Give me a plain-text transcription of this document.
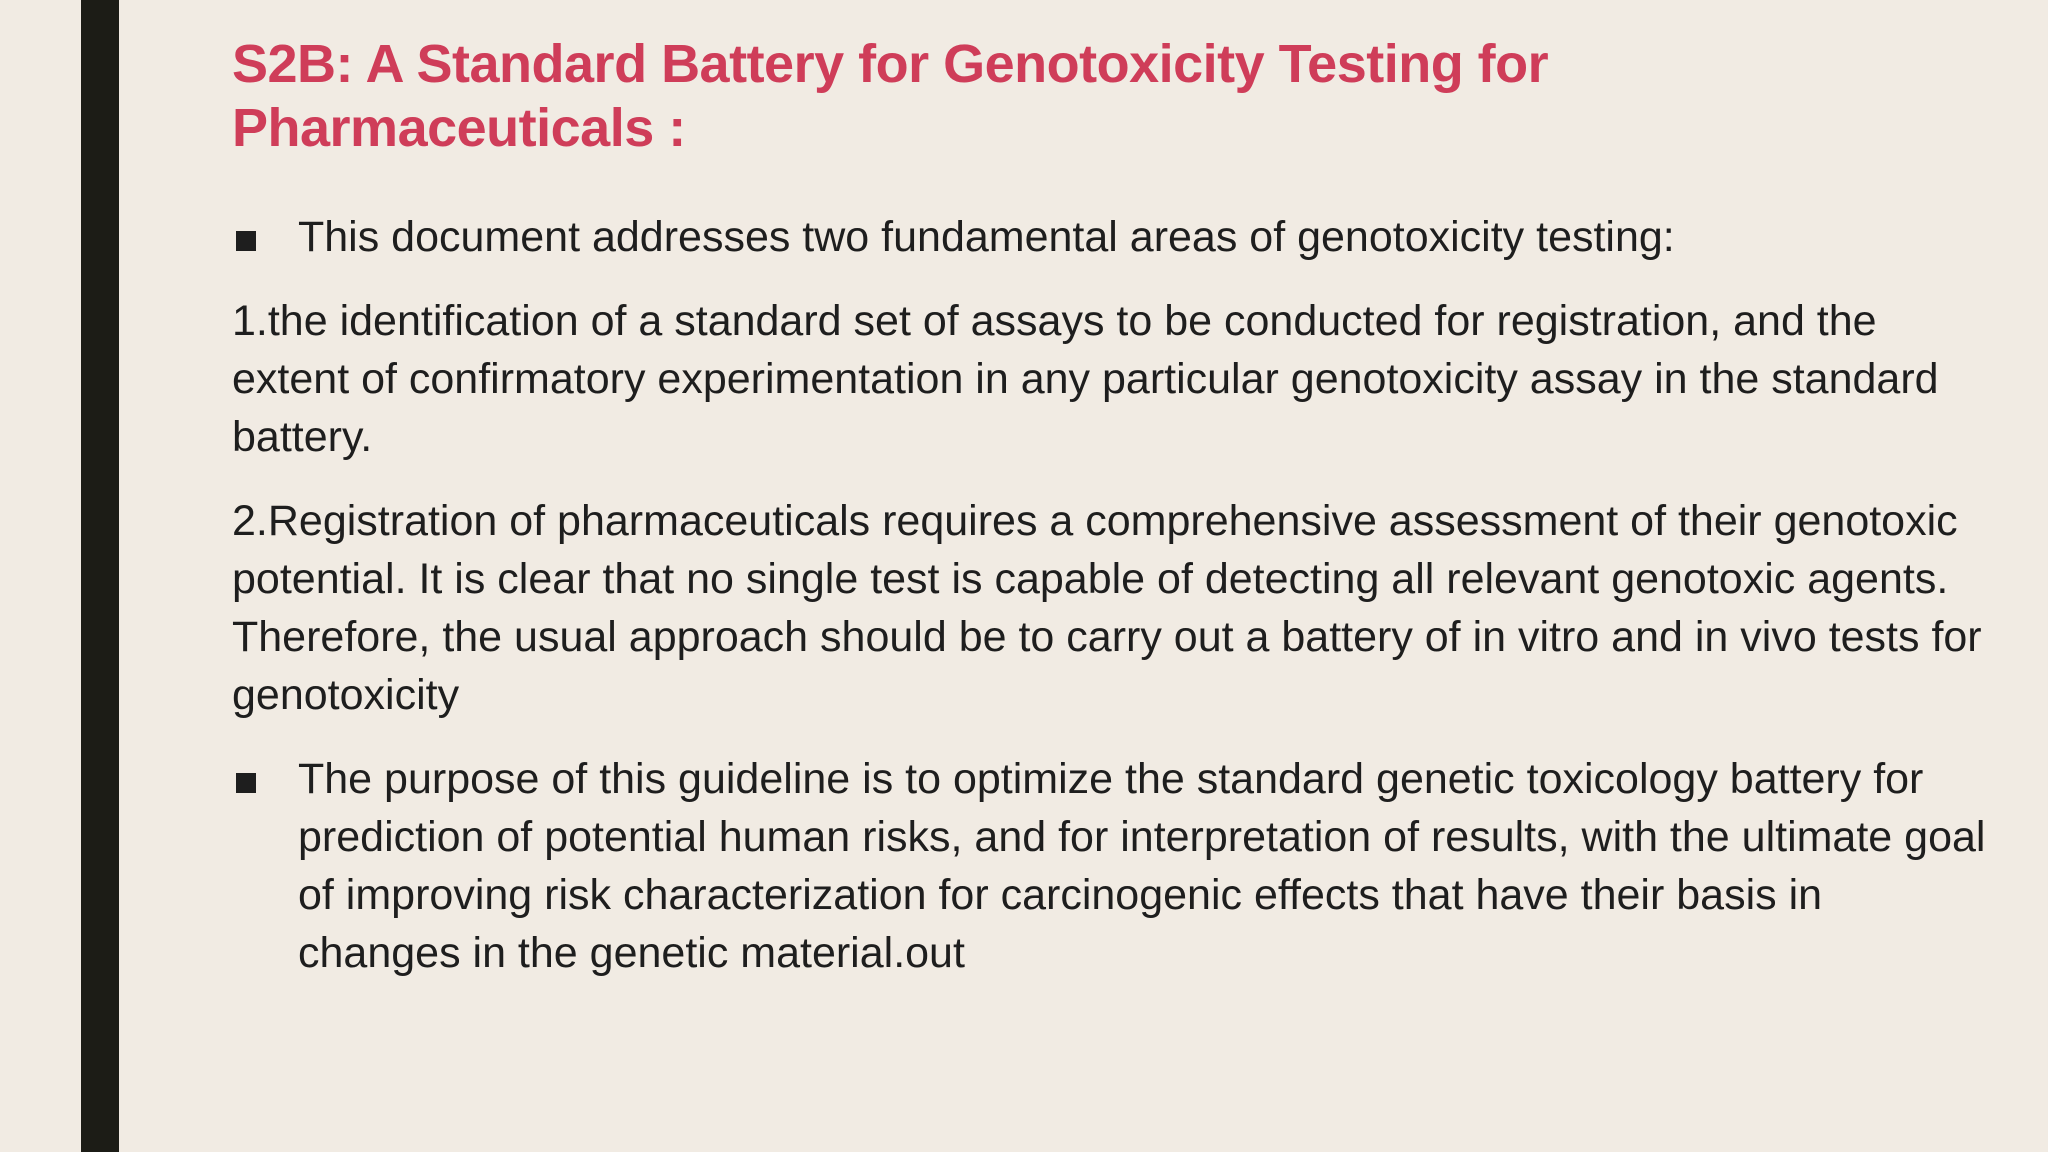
S2B: A Standard Battery for Genotoxicity Testing for Pharmaceuticals :
This document addresses two fundamental areas of genotoxicity testing:

1.the identification of a standard set of assays to be conducted for registration, and the extent of confirmatory experimentation in any particular genotoxicity assay in the standard battery.

2.Registration of pharmaceuticals requires a comprehensive assessment of their genotoxic potential. It is clear that no single test is capable of detecting all relevant genotoxic agents. Therefore, the usual approach should be to carry out a battery of in vitro and in vivo tests for genotoxicity

The purpose of this guideline is to optimize the standard genetic toxicology battery for prediction of potential human risks, and for interpretation of results, with the ultimate goal of improving risk characterization for carcinogenic effects that have their basis in changes in the genetic material.out
